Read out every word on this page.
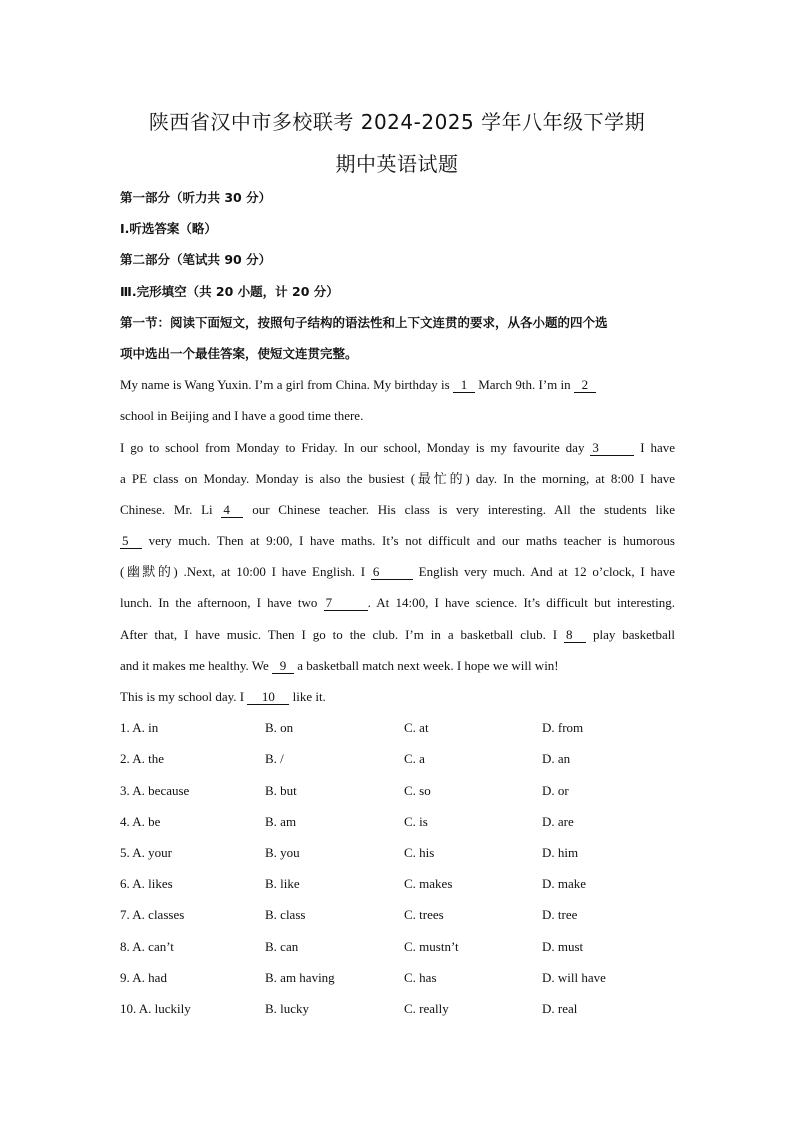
陕西省汉中市多校联考 2024-2025 学年八年级下学期
期中英语试题
第一部分（听力共 30 分）
Ⅰ.听选答案（略）
第二部分（笔试共 90 分）
Ⅲ.完形填空（共 20 小题，计 20 分）
第一节：阅读下面短文，按照句子结构的语法性和上下文连贯的要求，从各小题的四个选
项中选出一个最佳答案，使短文连贯完整。
My name is Wang Yuxin. I’m a girl from China. My birthday is 1 March 9th. I’m in 2
school in Beijing and I have a good time there.
I go to school from Monday to Friday. In our school, Monday is my favourite day 3	I have
a PE class on Monday. Monday is also the busiest (最忙的) day. In the morning, at 8:00 I have
Chinese. Mr. Li 4 our Chinese teacher. His class is very interesting. All the students like
5 very much. Then at 9:00, I have maths. It’s not difficult and our maths teacher is humorous
(幽默的) .Next, at 10:00 I have English. I 6	English very much. And at 12 o’clock, I have
lunch. In the afternoon, I have two 7	. At 14:00, I have science. It’s difficult but interesting.
After that, I have music. Then I go to the club. I’m in a basketball club. I 8 play basketball
and it makes me healthy. We 9 a basketball match next week. I hope we will win!
This is my school day. I 10 like it.
1. A. in	B. on	C. at	D. from
2. A. the	B. /	C. a	D. an
3. A. because	B. but	C. so	D. or
4. A. be	B. am	C. is	D. are
5. A. your	B. you	C. his	D. him
6. A. likes	B. like	C. makes	D. make
7. A. classes	B. class	C. trees	D. tree
8. A. can’t	B. can	C. mustn’t	D. must
9. A. had	B. am having	C. has	D. will have
10. A. luckily	B. lucky	C. really	D. real
